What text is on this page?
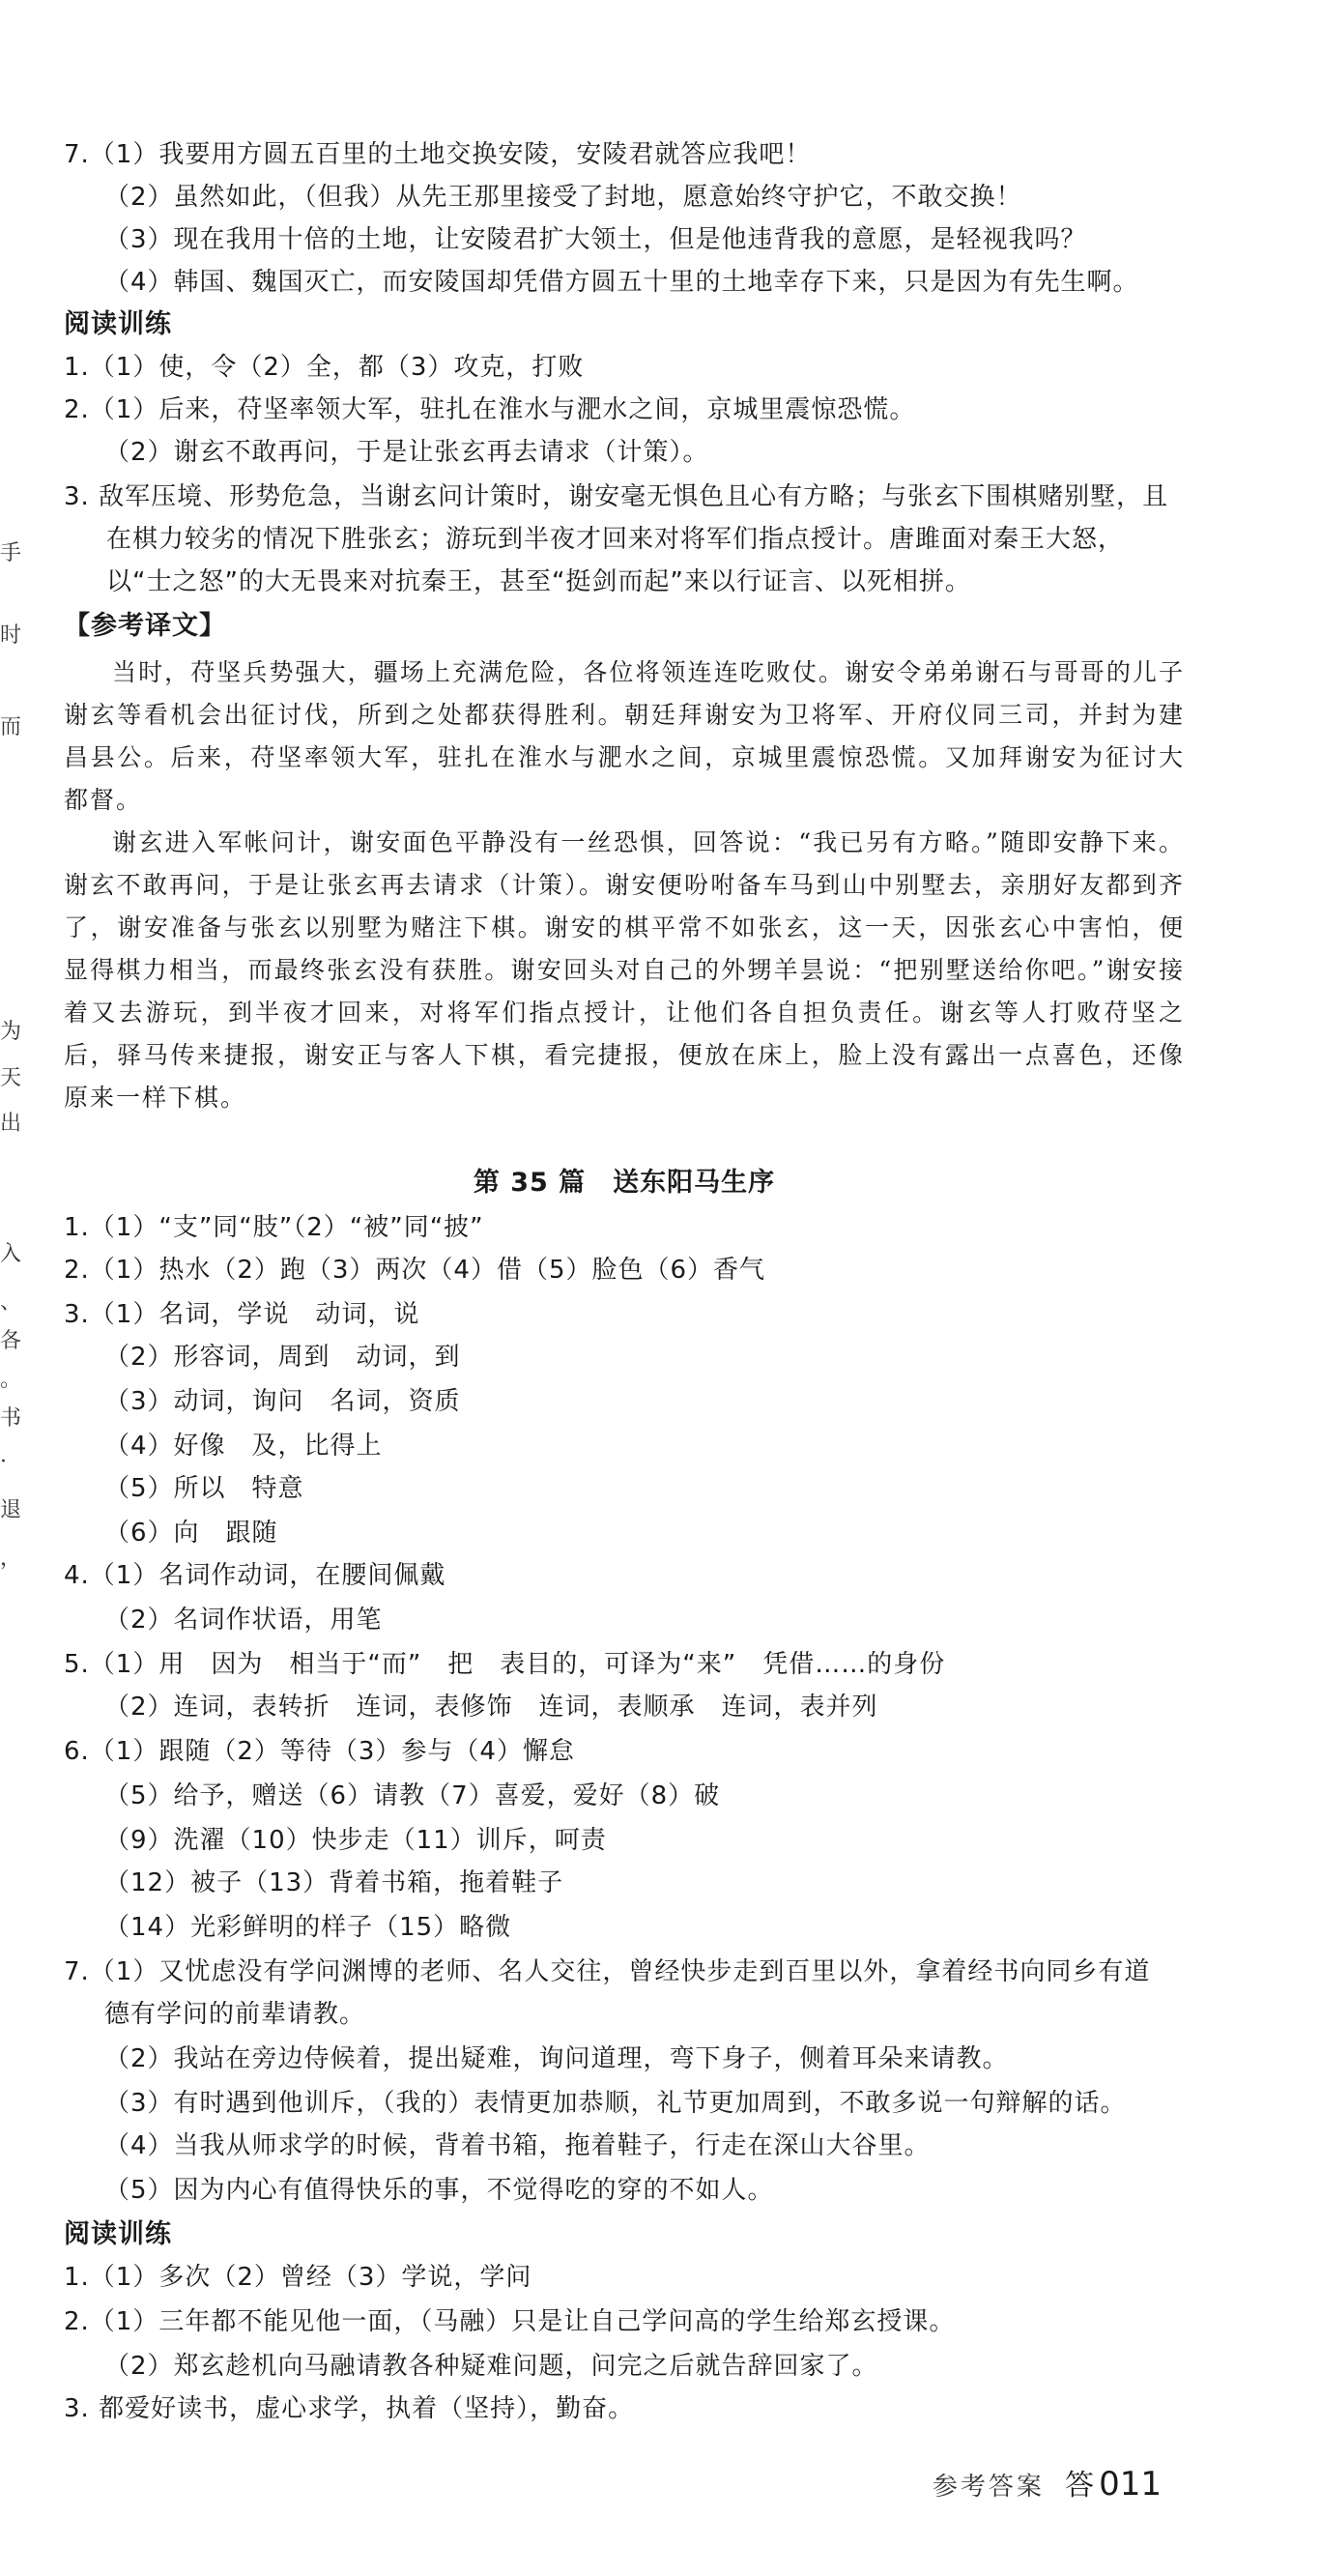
手
时
而
为
天
出
入
、
各
。
书
·
退
，
7.（1）我要用方圆五百里的土地交换安陵，安陵君就答应我吧！
（2）虽然如此，（但我）从先王那里接受了封地，愿意始终守护它，不敢交换！
（3）现在我用十倍的土地，让安陵君扩大领土，但是他违背我的意愿，是轻视我吗？
（4）韩国、魏国灭亡，而安陵国却凭借方圆五十里的土地幸存下来，只是因为有先生啊。
阅读训练
1.（1）使，令（2）全，都（3）攻克，打败
2.（1）后来，苻坚率领大军，驻扎在淮水与淝水之间，京城里震惊恐慌。
（2）谢玄不敢再问，于是让张玄再去请求（计策）。
3. 敌军压境、形势危急，当谢玄问计策时，谢安毫无惧色且心有方略；与张玄下围棋赌别墅，且
在棋力较劣的情况下胜张玄；游玩到半夜才回来对将军们指点授计。唐雎面对秦王大怒，
以“士之怒”的大无畏来对抗秦王，甚至“挺剑而起”来以行证言、以死相拼。
【参考译文】

当时，苻坚兵势强大，疆场上充满危险，各位将领连连吃败仗。谢安令弟弟谢石与哥哥的儿子谢玄等看机会出征讨伐，所到之处都获得胜利。朝廷拜谢安为卫将军、开府仪同三司，并封为建昌县公。后来，苻坚率领大军，驻扎在淮水与淝水之间，京城里震惊恐慌。又加拜谢安为征讨大都督。

谢玄进入军帐问计，谢安面色平静没有一丝恐惧，回答说：“我已另有方略。”随即安静下来。谢玄不敢再问，于是让张玄再去请求（计策）。谢安便吩咐备车马到山中别墅去，亲朋好友都到齐了，谢安准备与张玄以别墅为赌注下棋。谢安的棋平常不如张玄，这一天，因张玄心中害怕，便显得棋力相当，而最终张玄没有获胜。谢安回头对自己的外甥羊昙说：“把别墅送给你吧。”谢安接着又去游玩，到半夜才回来，对将军们指点授计，让他们各自担负责任。谢玄等人打败苻坚之后，驿马传来捷报，谢安正与客人下棋，看完捷报，便放在床上，脸上没有露出一点喜色，还像原来一样下棋。

第 35 篇　送东阳马生序
1.（1）“支”同“肢”（2）“被”同“披”
2.（1）热水（2）跑（3）两次（4）借（5）脸色（6）香气
3.（1）名词，学说　动词，说
（2）形容词，周到　动词，到
（3）动词，询问　名词，资质
（4）好像　及，比得上
（5）所以　特意
（6）向　跟随
4.（1）名词作动词，在腰间佩戴
（2）名词作状语，用笔
5.（1）用　因为　相当于“而”　把　表目的，可译为“来”　凭借……的身份
（2）连词，表转折　连词，表修饰　连词，表顺承　连词，表并列
6.（1）跟随（2）等待（3）参与（4）懈怠
（5）给予，赠送（6）请教（7）喜爱，爱好（8）破
（9）洗濯（10）快步走（11）训斥，呵责
（12）被子（13）背着书箱，拖着鞋子
（14）光彩鲜明的样子（15）略微
7.（1）又忧虑没有学问渊博的老师、名人交往，曾经快步走到百里以外，拿着经书向同乡有道
德有学问的前辈请教。
（2）我站在旁边侍候着，提出疑难，询问道理，弯下身子，侧着耳朵来请教。
（3）有时遇到他训斥，（我的）表情更加恭顺，礼节更加周到，不敢多说一句辩解的话。
（4）当我从师求学的时候，背着书箱，拖着鞋子，行走在深山大谷里。
（5）因为内心有值得快乐的事，不觉得吃的穿的不如人。
阅读训练
1.（1）多次（2）曾经（3）学说，学问
2.（1）三年都不能见他一面，（马融）只是让自己学问高的学生给郑玄授课。
（2）郑玄趁机向马融请教各种疑难问题，问完之后就告辞回家了。
3. 都爱好读书，虚心求学，执着（坚持），勤奋。
参考答案 答 011
